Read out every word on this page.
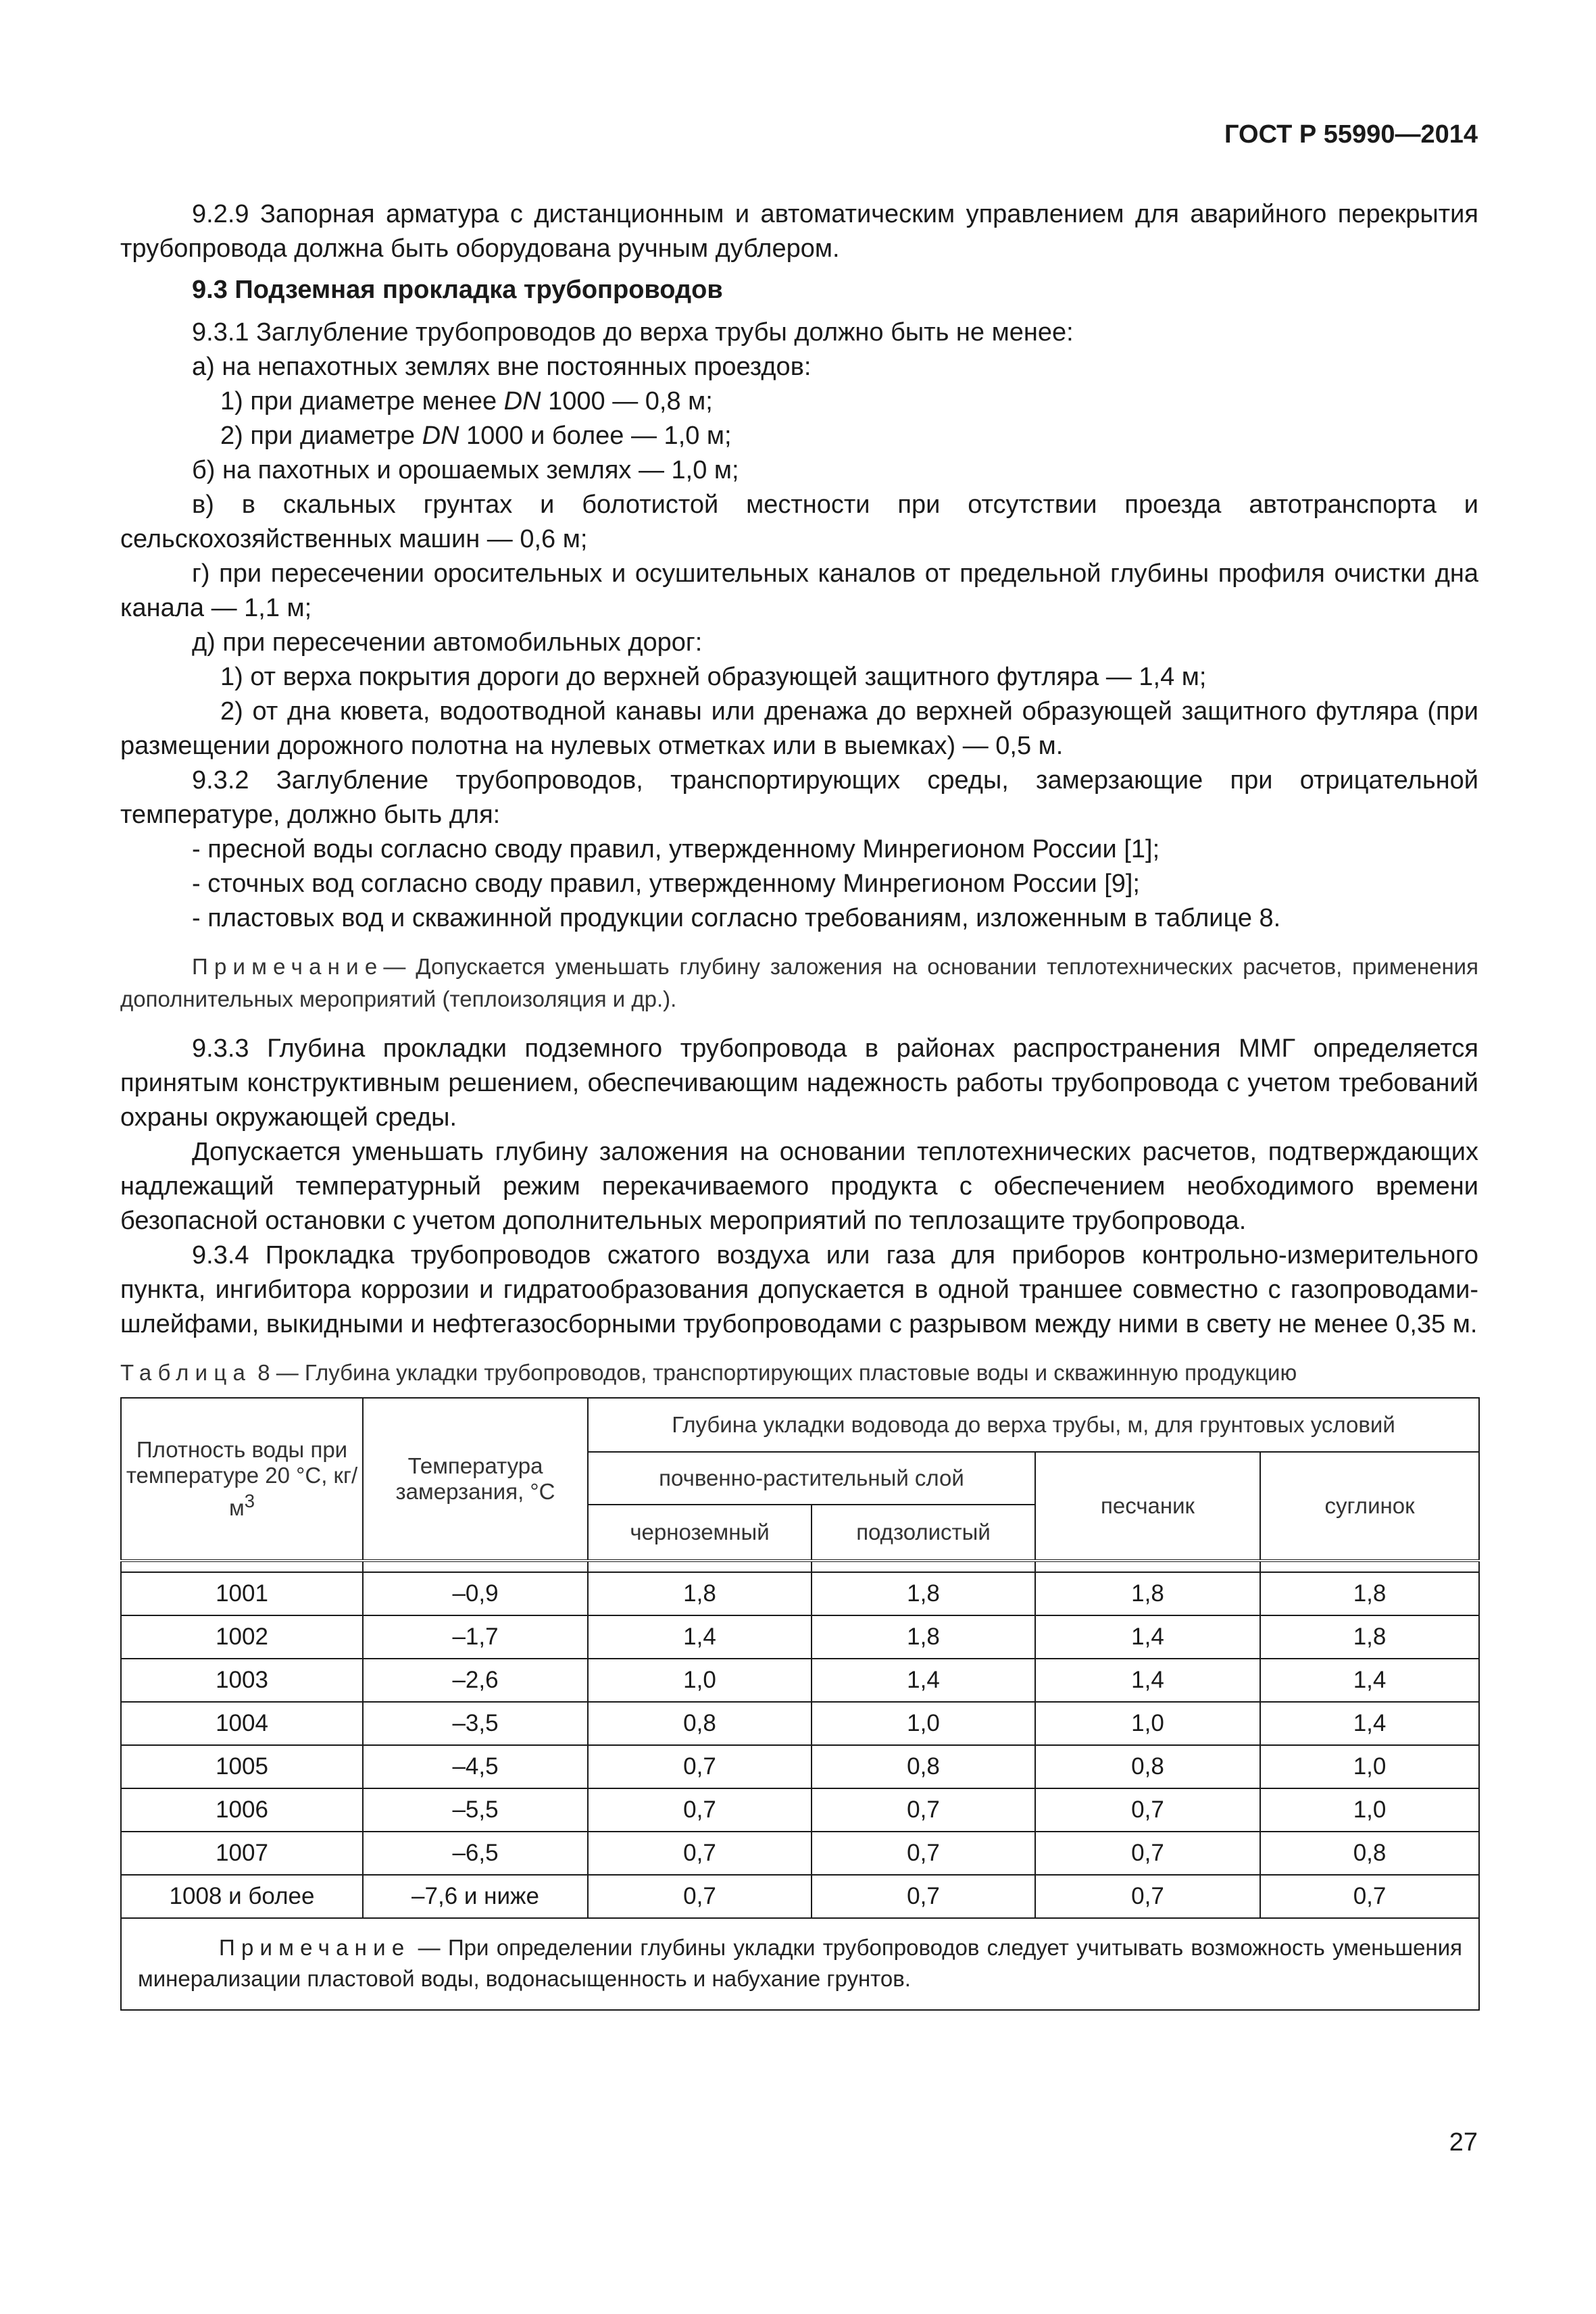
ГОСТ Р 55990—2014

9.2.9 Запорная арматура с дистанционным и автоматическим управлением для аварийного перекрытия трубопровода должна быть оборудована ручным дублером.

9.3 Подземная прокладка трубопроводов

9.3.1 Заглубление трубопроводов до верха трубы должно быть не менее:

а) на непахотных землях вне постоянных проездов:

1) при диаметре менее DN 1000 — 0,8 м;

2) при диаметре DN 1000 и более — 1,0 м;

б) на пахотных и орошаемых землях — 1,0 м;

в) в скальных грунтах и болотистой местности при отсутствии проезда автотранспорта и сельскохозяйственных машин — 0,6 м;

г) при пересечении оросительных и осушительных каналов от предельной глубины профиля очистки дна канала — 1,1 м;

д) при пересечении автомобильных дорог:

1) от верха покрытия дороги до верхней образующей защитного футляра — 1,4 м;

2) от дна кювета, водоотводной канавы или дренажа до верхней образующей защитного футляра (при размещении дорожного полотна на нулевых отметках или в выемках) — 0,5 м.

9.3.2 Заглубление трубопроводов, транспортирующих среды, замерзающие при отрицательной температуре, должно быть для:

- пресной воды согласно своду правил, утвержденному Минрегионом России [1];

- сточных вод согласно своду правил, утвержденному Минрегионом России [9];

- пластовых вод и скважинной продукции согласно требованиям, изложенным в таблице 8.

Примечание— Допускается уменьшать глубину заложения на основании теплотехнических расчетов, применения дополнительных мероприятий (теплоизоляция и др.).

9.3.3 Глубина прокладки подземного трубопровода в районах распространения ММГ определяется принятым конструктивным решением, обеспечивающим надежность работы трубопровода с учетом требований охраны окружающей среды.

Допускается уменьшать глубину заложения на основании теплотехнических расчетов, подтверждающих надлежащий температурный режим перекачиваемого продукта с обеспечением необходимого времени безопасной остановки с учетом дополнительных мероприятий по теплозащите трубопровода.

9.3.4 Прокладка трубопроводов сжатого воздуха или газа для приборов контрольно-измерительного пункта, ингибитора коррозии и гидратообразования допускается в одной траншее совместно с газопроводами-шлейфами, выкидными и нефтегазосборными трубопроводами с разрывом между ними в свету не менее 0,35 м.

Таблица 8 — Глубина укладки трубопроводов, транспортирующих пластовые воды и скважинную продукцию

Плотность воды при температуре 20 °С, $кг/м^3$	Температура замерзания, °С	Глубина укладки водовода до верха трубы, м, для грунтовых условий			
		почвенно-растительный слой		песчаник	суглинок
		черноземный	подзолистый		

1001	–0,9	1,8	1,8	1,8	1,8
1002	–1,7	1,4	1,8	1,4	1,8
1003	–2,6	1,0	1,4	1,4	1,4
1004	–3,5	0,8	1,0	1,0	1,4
1005	–4,5	0,7	0,8	0,8	1,0
1006	–5,5	0,7	0,7	0,7	1,0
1007	–6,5	0,7	0,7	0,7	0,8
1008 и более	–7,6 и ниже	0,7	0,7	0,7	0,7

Примечание — При определении глубины укладки трубопроводов следует учитывать возможность уменьшения минерализации пластовой воды, водонасыщенность и набухание грунтов.					
27
